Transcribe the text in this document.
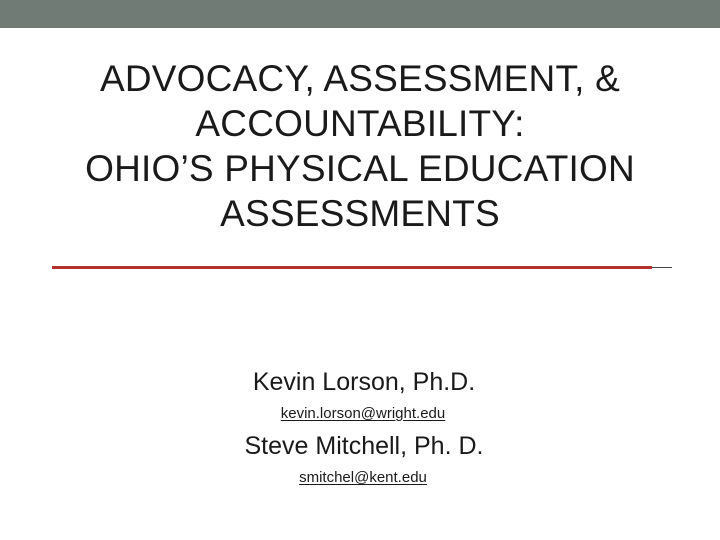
ADVOCACY, ASSESSMENT, &
ACCOUNTABILITY:
OHIO’S PHYSICAL EDUCATION
ASSESSMENTS
Kevin Lorson, Ph.D.
kevin.lorson@wright.edu
Steve Mitchell, Ph. D.
smitchel@kent.edu
